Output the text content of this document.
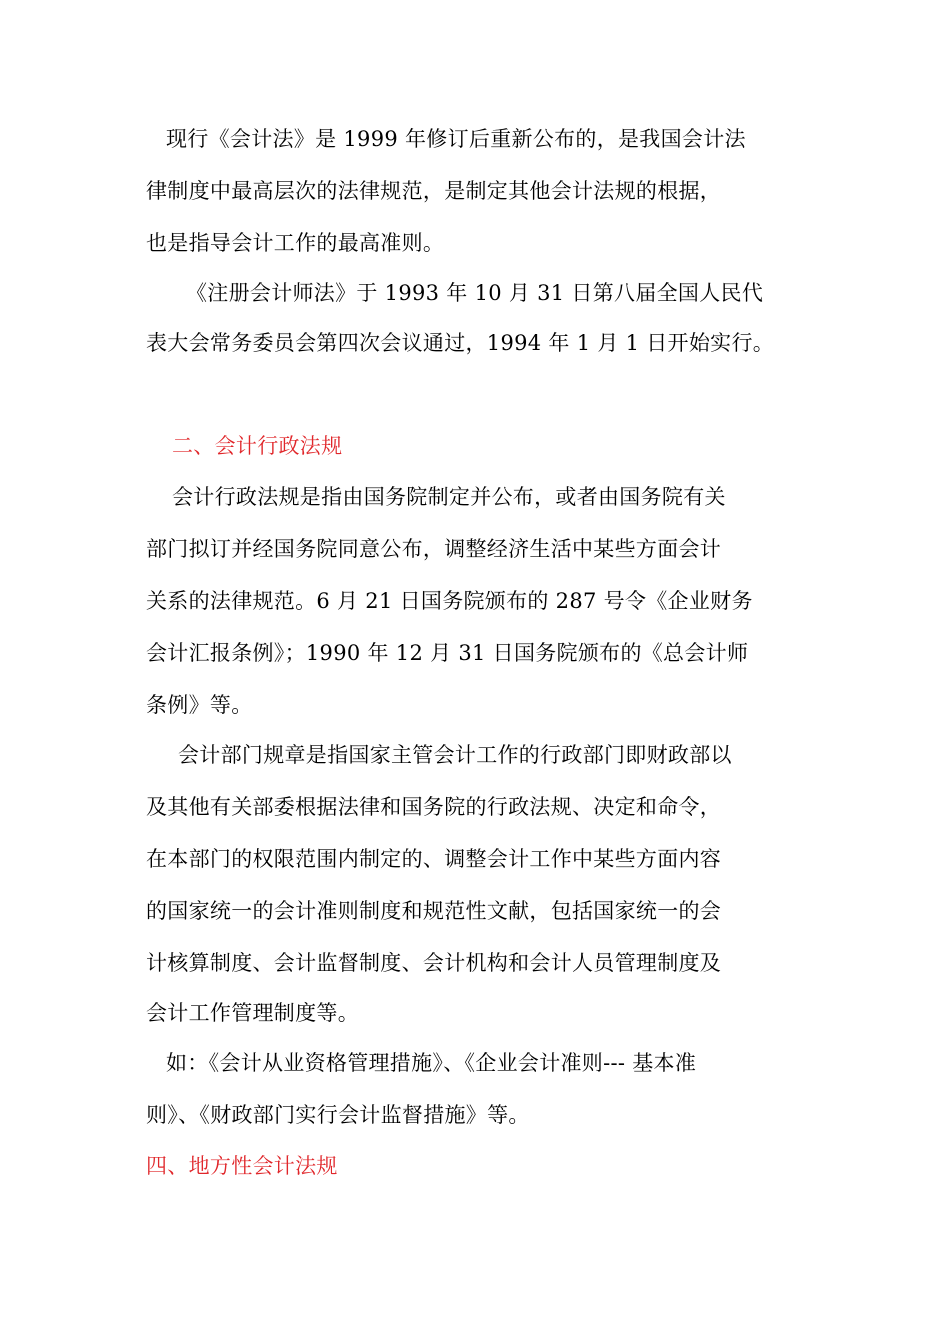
现行《会计法》是 1999 年修订后重新公布的，是我国会计法
律制度中最高层次的法律规范，是制定其他会计法规的根据，
也是指导会计工作的最高准则。
《注册会计师法》于 1993 年 10 月 31 日第八届全国人民代
表大会常务委员会第四次会议通过，1994 年 1 月 1 日开始实行。
二、会计行政法规
会计行政法规是指由国务院制定并公布，或者由国务院有关
部门拟订并经国务院同意公布，调整经济生活中某些方面会计
关系的法律规范。6 月 21 日国务院颁布的 287 号令《企业财务
会计汇报条例》；1990 年 12 月 31 日国务院颁布的《总会计师
条例》等。
会计部门规章是指国家主管会计工作的行政部门即财政部以
及其他有关部委根据法律和国务院的行政法规、决定和命令，
在本部门的权限范围内制定的、调整会计工作中某些方面内容
的国家统一的会计准则制度和规范性文献，包括国家统一的会
计核算制度、会计监督制度、会计机构和会计人员管理制度及
会计工作管理制度等。
如：《会计从业资格管理措施》、《企业会计准则--- 基本准
则》、《财政部门实行会计监督措施》等。
四、地方性会计法规
